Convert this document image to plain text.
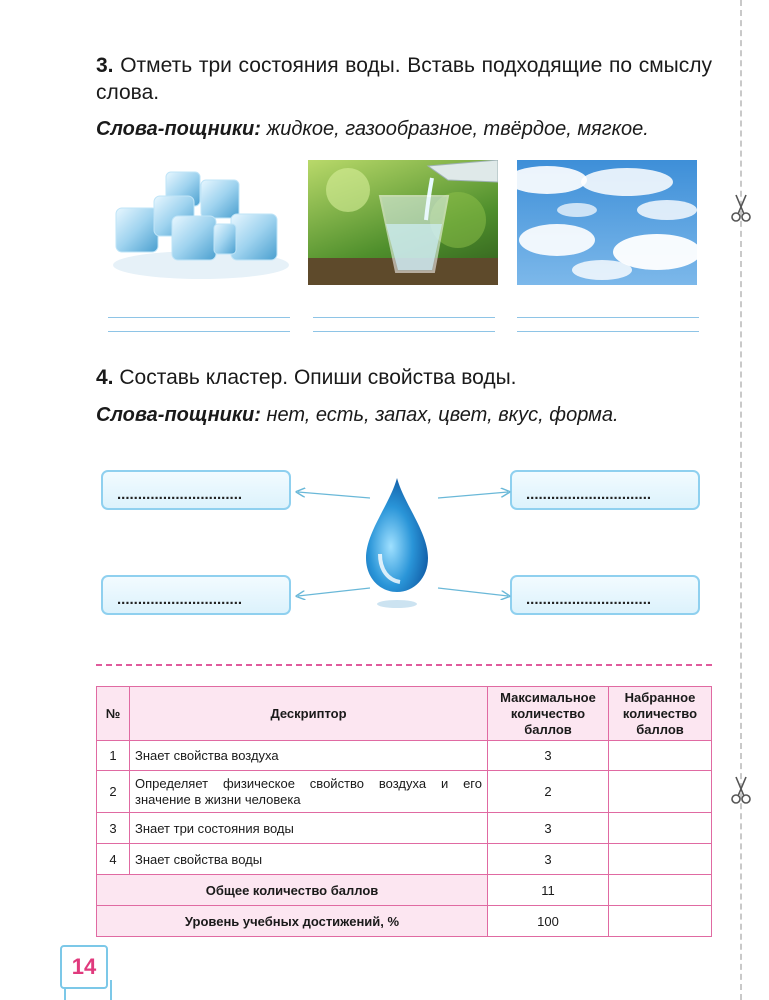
3. Отметь три состояния воды. Вставь подходящие по смыслу слова.
Слова-пощники: жидкое, газообразное, твёрдое, мягкое.
4. Составь кластер. Опиши свойства воды.
Слова-пощники: нет, есть, запах, цвет, вкус, форма.
..............................	..............................
..............................	..............................
№	Дескриптор	Максимальное количество баллов	Набранное количество баллов
1	Знает свойства воздуха	3	
2	Определяет физическое свойство воздуха и его значение в жизни человека	2	
3	Знает три состояния воды	3	
4	Знает свойства воды	3	
Общее количество баллов		11	
Уровень учебных достижений, %		100	
14
